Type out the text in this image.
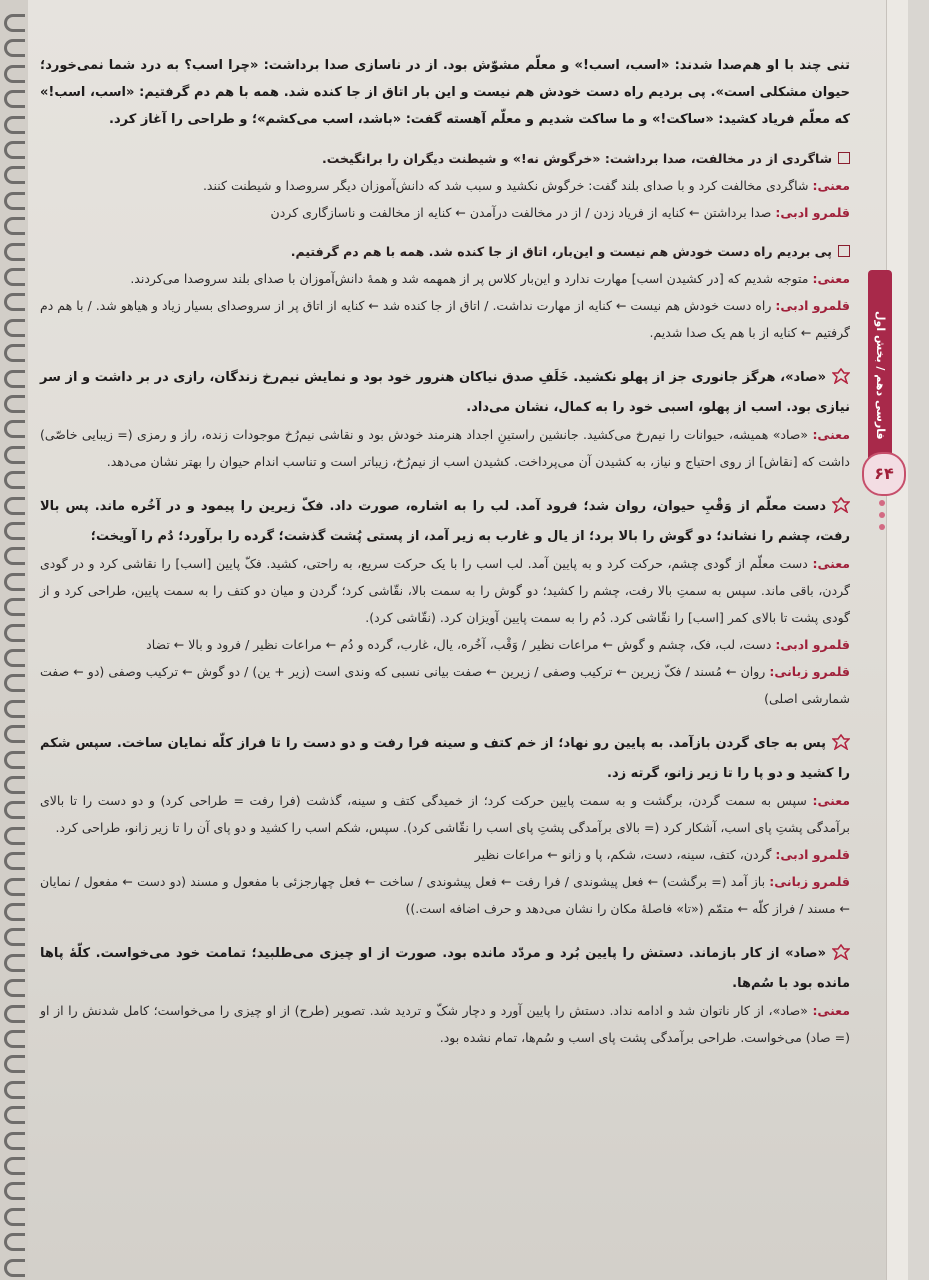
فارسی دهم / بخش اول
۶۴

تنی چند با او هم‌صدا شدند: «اسب، اسب!» و معلّم مشوّش بود. از در ناسازی صدا برداشت: «چرا اسب؟ به درد شما نمی‌خورد؛ حیوان مشکلی است». پی بردیم راه دست خودش هم نیست و این بار اتاق از جا کنده شد. همه با هم دم گرفتیم: «اسب، اسب!» که معلّم فریاد کشید: «ساکت!» و ما ساکت شدیم و معلّم آهسته گفت: «باشد، اسب می‌کشم»؛ و طراحی را آغاز کرد.

شاگردی از در مخالفت، صدا برداشت: «خرگوش نه!» و شیطنت دیگران را برانگیخت.

معنی: شاگردی مخالفت کرد و با صدای بلند گفت: خرگوش نکشید و سبب شد که دانش‌آموزان دیگر سروصدا و شیطنت کنند.

قلمرو ادبی: صدا برداشتن ← کنایه از فریاد زدن / از در مخالفت درآمدن ← کنایه از مخالفت و ناسازگاری کردن

پی بردیم راه دست خودش هم نیست و این‌بار، اتاق از جا کنده شد. همه با هم دم گرفتیم.

معنی: متوجه شدیم که [در کشیدن اسب] مهارت ندارد و این‌بار کلاس پر از همهمه شد و همهٔ دانش‌آموزان با صدای بلند سروصدا می‌کردند.

قلمرو ادبی: راه دست خودش هم نیست ← کنایه از مهارت نداشت. / اتاق از جا کنده شد ← کنایه از اتاق پر از سروصدای بسیار زیاد و هیاهو شد. / با هم دم گرفتیم ← کنایه از با هم یک صدا شدیم.

«صاد»، هرگز جانوری جز از پهلو نکشید. خَلَفِ صدق نیاکان هنرور خود بود و نمایش نیم‌رخ زندگان، رازی در بر داشت و از سر نیازی بود. اسب از پهلو، اسبی خود را به کمال، نشان می‌داد.

معنی: «صاد» همیشه، حیوانات را نیم‌رخ می‌کشید. جانشین راستینِ اجداد هنرمند خودش بود و نقاشی نیم‌رُخ موجودات زنده، راز و رمزی (= زیبایی خاصّی) داشت که [نقاش] از روی احتیاج و نیاز، به کشیدن آن می‌پرداخت. کشیدن اسب از نیم‌رُخ، زیباتر است و تناسب اندام حیوان را بهتر نشان می‌دهد.

دست معلّم از وَقْبِ حیوان، روان شد؛ فرود آمد. لب را به اشاره، صورت داد. فکّ زیرین را پیمود و در آخُره ماند. پس بالا رفت، چشم را نشاند؛ دو گوش را بالا برد؛ از یال و غارب به زیر آمد، از پستی پُشت گذشت؛ گرده را برآورد؛ دُم را آویخت؛

معنی: دست معلّم از گودی چشم، حرکت کرد و به پایین آمد. لب اسب را با یک حرکت سریع، به راحتی، کشید. فکّ پایین [اسب] را نقاشی کرد و در گودی گردن، باقی ماند. سپس به سمتِ بالا رفت، چشم را کشید؛ دو گوش را به سمت بالا، نقّاشی کرد؛ گردن و میان دو کتف را به سمت پایین، طراحی کرد و از گودی پشت تا بالای کمر [اسب] را نقّاشی کرد. دُم را به سمت پایین آویزان کرد. (نقّاشی کرد).

قلمرو ادبی: دست، لب، فک، چشم و گوش ← مراعات نظیر / وَقْب، آخُره، یال، غارب، گرده و دُم ← مراعات نظیر / فرود و بالا ← تضاد

قلمرو زبانی: روان ← مُسند / فکّ زیرین ← ترکیب وصفی / زیرین ← صفت بیانی نسبی که وندی است (زیر + ین) / دو گوش ← ترکیب وصفی (دو ← صفت شمارشی اصلی)

پس به جای گردن بازآمد. به پایین رو نهاد؛ از خم کتف و سینه فرا رفت و دو دست را تا فراز کلّه نمایان ساخت. سپس شکم را کشید و دو پا را تا زیر زانو، گرته زد.

معنی: سپس به سمت گردن، برگشت و به سمت پایین حرکت کرد؛ از خمیدگی کتف و سینه، گذشت (فرا رفت = طراحی کرد) و دو دست را تا بالای برآمدگی پشتِ پای اسب، آشکار کرد (= بالای برآمدگی پشتِ پای اسب را نقّاشی کرد). سپس، شکم اسب را کشید و دو پای آن را تا زیر زانو، طراحی کرد.

قلمرو ادبی: گردن، کتف، سینه، دست، شکم، پا و زانو ← مراعات نظیر

قلمرو زبانی: باز آمد (= برگشت) ← فعل پیشوندی / فرا رفت ← فعل پیشوندی / ساخت ← فعل چهارجزئی با مفعول و مسند (دو دست ← مفعول / نمایان ← مسند / فراز کلّه ← متمّم («تا» فاصلهٔ مکان را نشان می‌دهد و حرف اضافه است.))

«صاد» از کار بازماند. دستش را پایین بُرد و مردّد مانده بود. صورت از او چیزی می‌طلبید؛ تمامت خود می‌خواست. کلّهٔ پاها مانده بود با سُم‌ها.

معنی: «صاد»، از کار ناتوان شد و ادامه نداد. دستش را پایین آورد و دچار شکّ و تردید شد. تصویر (طرح) از او چیزی را می‌خواست؛ کامل شدنش را از او (= صاد) می‌خواست. طراحی برآمدگی پشت پای اسب و سُم‌ها، تمام نشده بود.
